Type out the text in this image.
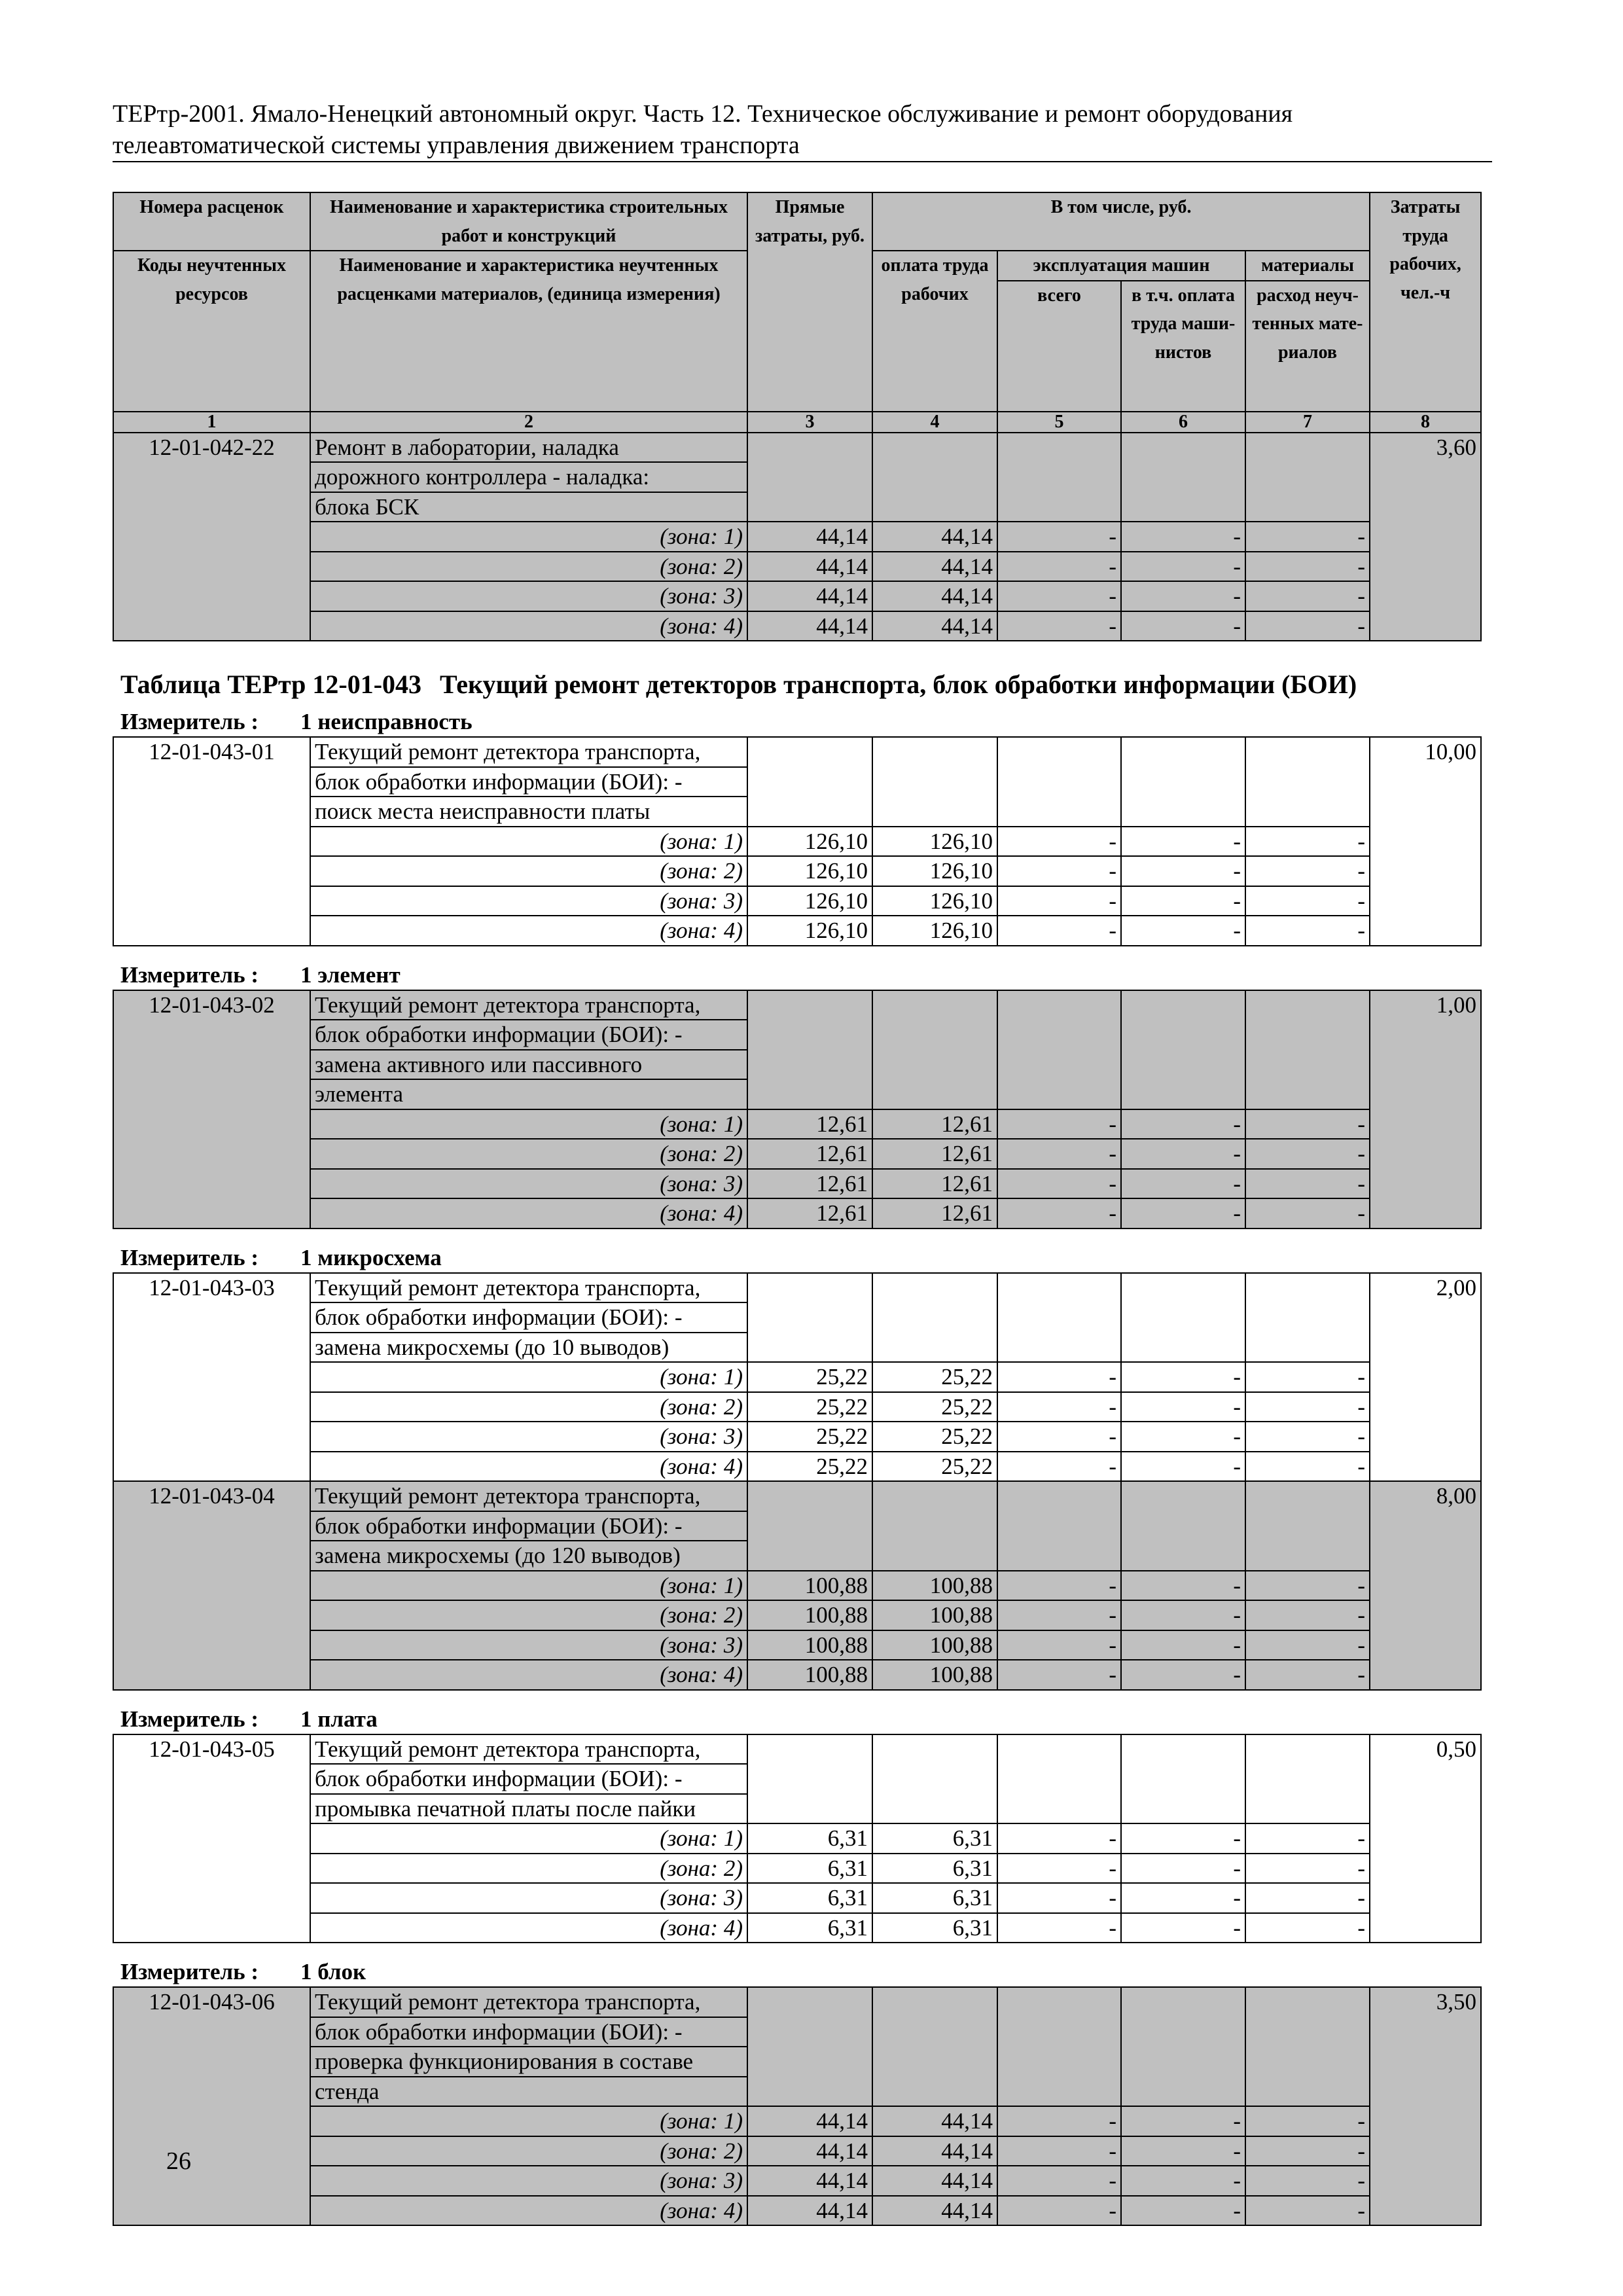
ТЕРтр-2001. Ямало-Ненецкий автономный округ. Часть 12. Техническое обслуживание и ремонт оборудования
телеавтоматической системы управления движением транспорта
Номера расценок	Наименование и характеристика строительных работ и конструкций	Прямые затраты, руб.	В том числе, руб.				Затраты труда рабочих, чел.-ч

Коды неучтенных ресурсов	Наименование и характеристика неучтенных расценками материалов, (единица измерения)		оплата труда рабочих	эксплуатация машин		материалы	
				всего	в т.ч. оплата труда маши-нистов	расход неуч-тенных мате-риалов	
1	2	3	4	5	6	7	8
12-01-042-22	Ремонт в лаборатории, наладка						3,60
	дорожного контроллера - наладка:						
	блока БСК						
	(зона: 1)	44,14	44,14	-	-	-	
	(зона: 2)	44,14	44,14	-	-	-	
	(зона: 3)	44,14	44,14	-	-	-	
	(зона: 4)	44,14	44,14	-	-	-	
Таблица ТЕРтр 12-01-043 Текущий ремонт детекторов транспорта, блок обработки информации (БОИ)
Измеритель : 1 неисправность
12-01-043-01	Текущий ремонт детектора транспорта,						10,00
	блок обработки информации (БОИ): -						
	поиск места неисправности платы						
	(зона: 1)	126,10	126,10	-	-	-	
	(зона: 2)	126,10	126,10	-	-	-	
	(зона: 3)	126,10	126,10	-	-	-	
	(зона: 4)	126,10	126,10	-	-	-	
Измеритель : 1 элемент
12-01-043-02	Текущий ремонт детектора транспорта,						1,00
	блок обработки информации (БОИ): -						
	замена активного или пассивного						
	элемента						
	(зона: 1)	12,61	12,61	-	-	-	
	(зона: 2)	12,61	12,61	-	-	-	
	(зона: 3)	12,61	12,61	-	-	-	
	(зона: 4)	12,61	12,61	-	-	-	
Измеритель : 1 микросхема
12-01-043-03	Текущий ремонт детектора транспорта,						2,00
	блок обработки информации (БОИ): -						
	замена микросхемы (до 10 выводов)						
	(зона: 1)	25,22	25,22	-	-	-	
	(зона: 2)	25,22	25,22	-	-	-	
	(зона: 3)	25,22	25,22	-	-	-	
	(зона: 4)	25,22	25,22	-	-	-	
12-01-043-04	Текущий ремонт детектора транспорта,						8,00
	блок обработки информации (БОИ): -						
	замена микросхемы (до 120 выводов)						
	(зона: 1)	100,88	100,88	-	-	-	
	(зона: 2)	100,88	100,88	-	-	-	
	(зона: 3)	100,88	100,88	-	-	-	
	(зона: 4)	100,88	100,88	-	-	-	
Измеритель : 1 плата
12-01-043-05	Текущий ремонт детектора транспорта,						0,50
	блок обработки информации (БОИ): -						
	промывка печатной платы после пайки						
	(зона: 1)	6,31	6,31	-	-	-	
	(зона: 2)	6,31	6,31	-	-	-	
	(зона: 3)	6,31	6,31	-	-	-	
	(зона: 4)	6,31	6,31	-	-	-	
Измеритель : 1 блок
12-01-043-06	Текущий ремонт детектора транспорта,						3,50
	блок обработки информации (БОИ): -						
	проверка функционирования в составе						
	стенда						
	(зона: 1)	44,14	44,14	-	-	-	
	(зона: 2)	44,14	44,14	-	-	-	
	(зона: 3)	44,14	44,14	-	-	-	
	(зона: 4)	44,14	44,14	-	-	-	
26
